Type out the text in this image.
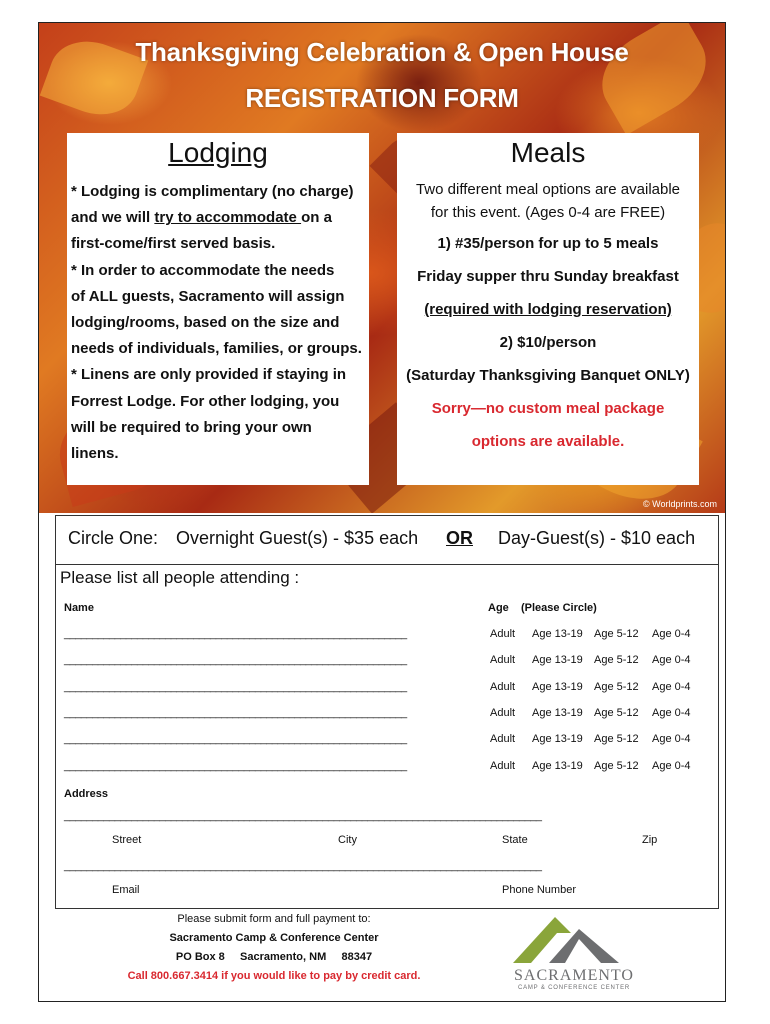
Thanksgiving Celebration & Open House
REGISTRATION FORM
Lodging
* Lodging is complimentary (no charge)
and we will try to accommodate on a
first-come/first served basis.
* In order to accommodate the needs
of ALL guests, Sacramento will assign
lodging/rooms, based on the size and
needs of individuals, families, or groups.
* Linens are only provided if staying in
Forrest Lodge. For other lodging, you
will be required to bring your own
linens.
Meals
Two different meal options are available
for this event. (Ages 0-4 are FREE)
1) #35/person for up to 5 meals
Friday supper thru Sunday breakfast
(required with lodging reservation)
2) $10/person
(Saturday Thanksgiving Banquet ONLY)
Sorry—no custom meal package
options are available.
© Worldprints.com
Circle One: Overnight Guest(s) - $35 each OR Day-Guest(s) - $10 each
Please list all people attending :
Name	Age    (Please Circle)
_____________________________________________________________	Adult Age 13-19 Age 5-12 Age 0-4
_____________________________________________________________	Adult Age 13-19 Age 5-12 Age 0-4
_____________________________________________________________	Adult Age 13-19 Age 5-12 Age 0-4
_____________________________________________________________	Adult Age 13-19 Age 5-12 Age 0-4
_____________________________________________________________	Adult Age 13-19 Age 5-12 Age 0-4
_____________________________________________________________	Adult Age 13-19 Age 5-12 Age 0-4
Address
_____________________________________________________________________________________
Street	City	State	Zip
_____________________________________________________________________________________
Email	Phone Number
Please submit form and full payment to:
Sacramento Camp & Conference Center
PO Box 8     Sacramento, NM     88347
Call 800.667.3414 if you would like to pay by credit card.	SACRAMENTO
CAMP & CONFERENCE CENTER
